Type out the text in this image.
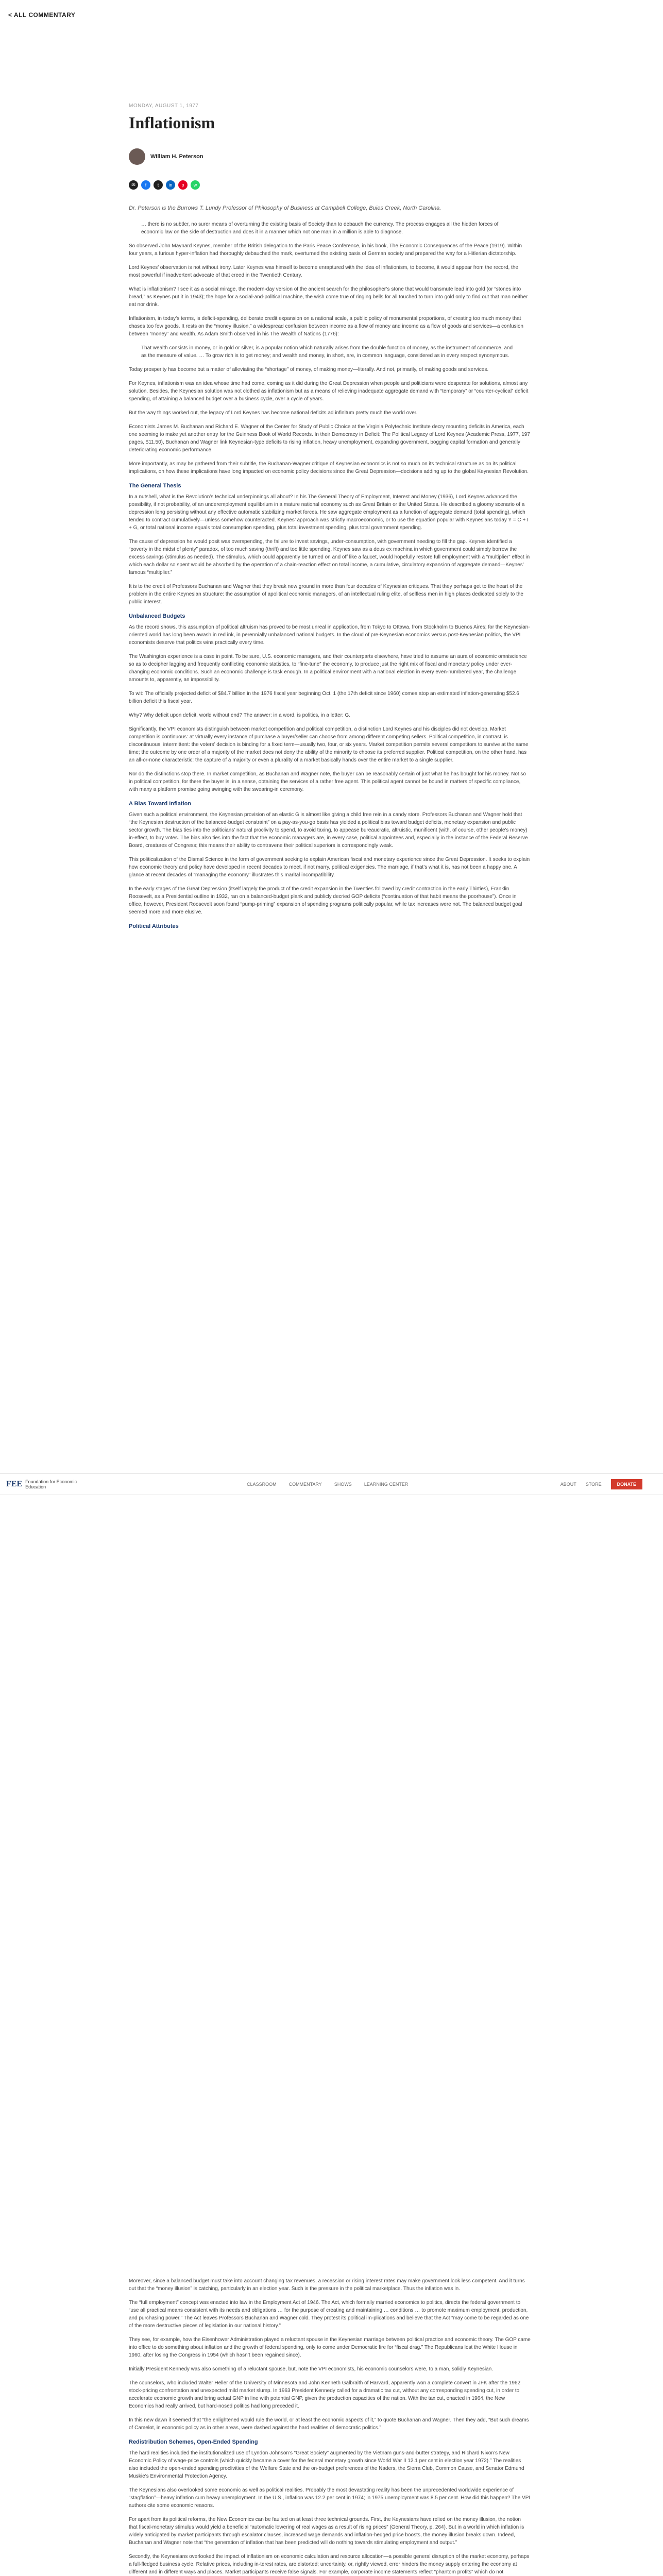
< ALL COMMENTARY
MONDAY, AUGUST 1, 1977
Inflationism
William H. Peterson
✉	f	t	in	p	w
Dr. Peterson is the Burrows T. Lundy Professor of Philosophy of Business at Campbell College, Buies Creek, North Carolina.

… there is no subtler, no surer means of overturning the existing basis of Society than to debauch the currency. The process engages all the hidden forces of economic law on the side of destruction and does it in a manner which not one man in a million is able to diagnose.

So observed John Maynard Keynes, member of the British delegation to the Paris Peace Conference, in his book, The Economic Consequences of the Peace (1919). Within four years, a furious hyper-inflation had thoroughly debauched the mark, overturned the existing basis of German society and prepared the way for a Hitlerian dictatorship.

Lord Keynes’ observation is not without irony. Later Keynes was himself to become enraptured with the idea of inflationism, to become, it would appear from the record, the most powerful if inadvertent advocate of that creed in the Twentieth Century.

What is inflationism? I see it as a social mirage, the modern-day version of the ancient search for the philosopher’s stone that would transmute lead into gold (or “stones into bread,” as Keynes put it in 1943); the hope for a social-and-political machine, the wish come true of ringing bells for all touched to turn into gold only to find out that man neither eat nor drink.

Inflationism, in today’s terms, is deficit-spending, deliberate credit expansion on a national scale, a public policy of monumental proportions, of creating too much money that chases too few goods. It rests on the “money illusion,” a widespread confusion between income as a flow of money and income as a flow of goods and services—a confusion between “money” and wealth. As Adam Smith observed in his The Wealth of Nations (1776):

That wealth consists in money, or in gold or silver, is a popular notion which naturally arises from the double function of money, as the instrument of commerce, and as the measure of value. … To grow rich is to get money; and wealth and money, in short, are, in common language, considered as in every respect synonymous.

Today prosperity has become but a matter of alleviating the “shortage” of money, of making money—literally. And not, primarily, of making goods and services.

For Keynes, inflationism was an idea whose time had come, coming as it did during the Great Depression when people and politicians were desperate for solutions, almost any solution. Besides, the Keynesian solution was not clothed as inflationism but as a means of relieving inadequate aggregate demand with “temporary” or “counter-cyclical” deficit spending, of attaining a balanced budget over a business cycle, over a cycle of years.

But the way things worked out, the legacy of Lord Keynes has become national deficits ad infinitum pretty much the world over.

Economists James M. Buchanan and Richard E. Wagner of the Center for Study of Public Choice at the Virginia Polytechnic Institute decry mounting deficits in America, each one seeming to make yet another entry for the Guinness Book of World Records. In their Democracy in Deficit: The Political Legacy of Lord Keynes (Academic Press, 1977, 197 pages, $11.50), Buchanan and Wagner link Keynesian-type deficits to rising inflation, heavy unemployment, expanding government, bogging capital formation and generally deteriorating economic performance.

More importantly, as may be gathered from their subtitle, the Buchanan-Wagner critique of Keynesian economics is not so much on its technical structure as on its political implications, on how these implications have long impacted on economic policy decisions since the Great Depression—decisions adding up to the global Keynesian Revolution.

The General Thesis

In a nutshell, what is the Revolution’s technical underpinnings all about? In his The General Theory of Employment, Interest and Money (1936), Lord Keynes advanced the possibility, if not probability, of an underemployment equilibrium in a mature national economy such as Great Britain or the United States. He described a gloomy scenario of a depression long persisting without any effective automatic stabilizing market forces. He saw aggregate employment as a function of aggregate demand (total spending), which tended to contract cumulatively—unless somehow counteracted. Keynes’ approach was strictly macroeconomic, or to use the equation popular with Keynesians today Y = C + I + G, or total national income equals total consumption spending, plus total investment spending, plus total government spending.

The cause of depression he would posit was overspending, the failure to invest savings, under-consumption, with government needing to fill the gap. Keynes identified a “poverty in the midst of plenty” paradox, of too much saving (thrift) and too little spending. Keynes saw as a deus ex machina in which government could simply borrow the excess savings (stimulus as needed). The stimulus, which could apparently be turned on and off like a faucet, would hopefully restore full employment with a “multiplier” effect in which each dollar so spent would be absorbed by the operation of a chain-reaction effect on total income, a cumulative, circulatory expansion of aggregate demand—Keynes’ famous “multiplier.”

It is to the credit of Professors Buchanan and Wagner that they break new ground in more than four decades of Keynesian critiques. That they perhaps get to the heart of the problem in the entire Keynesian structure: the assumption of apolitical economic managers, of an intellectual ruling elite, of selfless men in high places dedicated solely to the public interest.

Unbalanced Budgets

As the record shows, this assumption of political altruism has proved to be most unreal in application, from Tokyo to Ottawa, from Stockholm to Buenos Aires; for the Keynesian-oriented world has long been awash in red ink, in perennially unbalanced national budgets. In the cloud of pre-Keynesian economics versus post-Keynesian politics, the VPI economists deserve that politics wins practically every time.

The Washington experience is a case in point. To be sure, U.S. economic managers, and their counterparts elsewhere, have tried to assume an aura of economic omniscience so as to decipher lagging and frequently conflicting economic statistics, to “fine-tune” the economy, to produce just the right mix of fiscal and monetary policy under ever-changing economic conditions. Such an economic challenge is task enough. In a political environment with a national election in every even-numbered year, the challenge amounts to, apparently, an impossibility.

To wit: The officially projected deficit of $84.7 billion in the 1976 fiscal year beginning Oct. 1 (the 17th deficit since 1960) comes atop an estimated inflation-generating $52.6 billion deficit this fiscal year.

Why? Why deficit upon deficit, world without end? The answer: in a word, is politics, in a letter: G.

Significantly, the VPI economists distinguish between market competition and political competition, a distinction Lord Keynes and his disciples did not develop. Market competition is continuous: at virtually every instance of purchase a buyer/seller can choose from among different competing sellers. Political competition, in contrast, is discontinuous, intermittent: the voters’ decision is binding for a fixed term—usually two, four, or six years. Market competition permits several competitors to survive at the same time; the outcome by one order of a majority of the market does not deny the ability of the minority to choose its preferred supplier. Political competition, on the other hand, has an all-or-none characteristic: the capture of a majority or even a plurality of a market basically hands over the entire market to a single supplier.

Nor do the distinctions stop there. In market competition, as Buchanan and Wagner note, the buyer can be reasonably certain of just what he has bought for his money. Not so in political competition, for there the buyer is, in a sense, obtaining the services of a rather free agent. This political agent cannot be bound in matters of specific compliance, with many a platform promise going swinging with the swearing-in ceremony.

A Bias Toward Inflation

Given such a political environment, the Keynesian provision of an elastic G is almost like giving a child free rein in a candy store. Professors Buchanan and Wagner hold that “the Keynesian destruction of the balanced-budget constraint” on a pay-as-you-go basis has yielded a political bias toward budget deficits, monetary expansion and public sector growth. The bias ties into the politicians’ natural proclivity to spend, to avoid taxing, to appease bureaucratic, altruistic, munificent (with, of course, other people’s money) in-effect, to buy votes. The bias also ties into the fact that the economic managers are, in every case, political appointees and, especially in the instance of the Federal Reserve Board, creatures of Congress; this means their ability to contravene their political superiors is correspondingly weak.

This politicalization of the Dismal Science in the form of government seeking to explain American fiscal and monetary experience since the Great Depression. It seeks to explain how economic theory and policy have developed in recent decades to meet, if not marry, political exigencies. The marriage, if that’s what it is, has not been a happy one. A glance at recent decades of “managing the economy” illustrates this marital incompatibility.

In the early stages of the Great Depression (itself largely the product of the credit expansion in the Twenties followed by credit contraction in the early Thirties), Franklin Roosevelt, as a Presidential outline in 1932, ran on a balanced-budget plank and publicly decried GOP deficits (“continuation of that habit means the poorhouse”). Once in office, however, President Roosevelt soon found “pump-priming” expansion of spending programs politically popular, while tax increases were not. The balanced budget goal seemed more and more elusive.

Political Attributes
FEE Foundation for Economic Education	CLASSROOM	COMMENTARY	SHOWS	LEARNING CENTER	ABOUT STORE	DONATE

Moreover, since a balanced budget must take into account changing tax revenues, a recession or rising interest rates may make government look less competent. And it turns out that the “money illusion” is catching, particularly in an election year. Such is the pressure in the political marketplace. Thus the inflation was in.

The “full employment” concept was enacted into law in the Employment Act of 1946. The Act, which formally married economics to politics, directs the federal government to “use all practical means consistent with its needs and obligations … for the purpose of creating and maintaining … conditions … to promote maximum employment, production, and purchasing power.” The Act leaves Professors Buchanan and Wagner cold. They protest its political im-plications and believe that the Act “may come to be regarded as one of the more destructive pieces of legislation in our national history.”

They see, for example, how the Eisenhower Administration played a reluctant spouse in the Keynesian marriage between political practice and economic theory. The GOP came into office to do something about inflation and the growth of federal spending, only to come under Democratic fire for “fiscal drag.” The Republicans lost the White House in 1960, after losing the Congress in 1954 (which hasn’t been regained since).

Initially President Kennedy was also something of a reluctant spouse, but, note the VPI economists, his economic counselors were, to a man, solidly Keynesian.

The counselors, who included Walter Heller of the University of Minnesota and John Kenneth Galbraith of Harvard, apparently won a complete convert in JFK after the 1962 stock-pricing confrontation and unexpected mild market slump. In 1963 President Kennedy called for a dramatic tax cut, without any corresponding spending cut, in order to accelerate economic growth and bring actual GNP in line with potential GNP, given the production capacities of the nation. With the tax cut, enacted in 1964, the New Economics had really arrived, but hard-nosed politics had long preceded it.

In this new dawn it seemed that “the enlightened would rule the world, or at least the economic aspects of it,” to quote Buchanan and Wagner. Then they add, “But such dreams of Camelot, in economic policy as in other areas, were dashed against the hard realities of democratic politics.”

Redistribution Schemes, Open-Ended Spending

The hard realities included the institutionalized use of Lyndon Johnson’s “Great Society” augmented by the Vietnam guns-and-butter strategy, and Richard Nixon’s New Economic Policy of wage-price controls (which quickly became a cover for the federal monetary growth since World War II 12.1 per cent in election year 1972).” The realities also included the open-ended spending proclivities of the Welfare State and the on-budget preferences of the Naders, the Sierra Club, Common Cause, and Senator Edmund Muskie’s Environmental Protection Agency.

The Keynesians also overlooked some economic as well as political realities. Probably the most devastating reality has been the unprecedented worldwide experience of “stagflation”—heavy inflation cum heavy unemployment. In the U.S., inflation was 12.2 per cent in 1974; in 1975 unemployment was 8.5 per cent. How did this happen? The VPI authors cite some economic reasons.

For apart from its political reforms, the New Economics can be faulted on at least three technical grounds. First, the Keynesians have relied on the money illusion, the notion that fiscal-monetary stimulus would yield a beneficial “automatic lowering of real wages as a result of rising prices” (General Theory, p. 264). But in a world in which inflation is widely anticipated by market participants through escalator clauses, increased wage demands and inflation-hedged price boosts, the money illusion breaks down. Indeed, Buchanan and Wagner note that “the generation of inflation that has been predicted will do nothing towards stimulating employment and output.”

Secondly, the Keynesians overlooked the impact of inflationism on economic calculation and resource allocation—a possible general disruption of the market economy, perhaps a full-fledged business cycle. Relative prices, including in-terest rates, are distorted; uncertainty, or, rightly viewed, error hinders the money supply entering the economy at different and in different ways and places. Market participants receive false signals. For example, corporate income statements reflect “phantom profits” which do not
